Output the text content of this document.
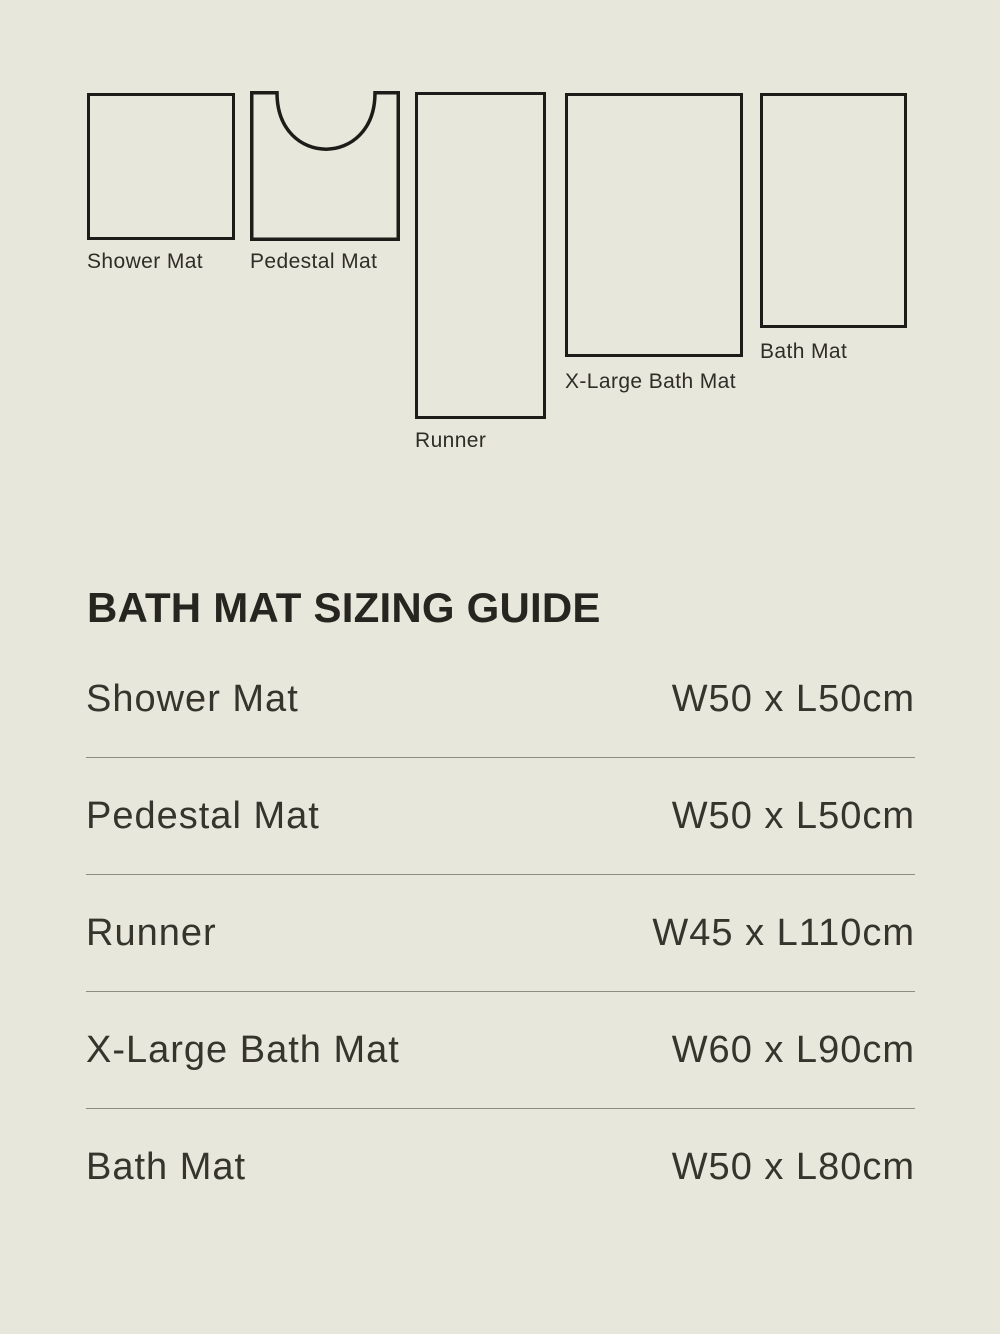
Shower Mat Pedestal Mat
Runner
X-Large Bath Mat
Bath Mat
BATH MAT SIZING GUIDE
Shower Mat	W50 x L50cm
Pedestal Mat	W50 x L50cm
Runner	W45 x L110cm
X-Large Bath Mat	W60 x L90cm
Bath Mat	W50 x L80cm
